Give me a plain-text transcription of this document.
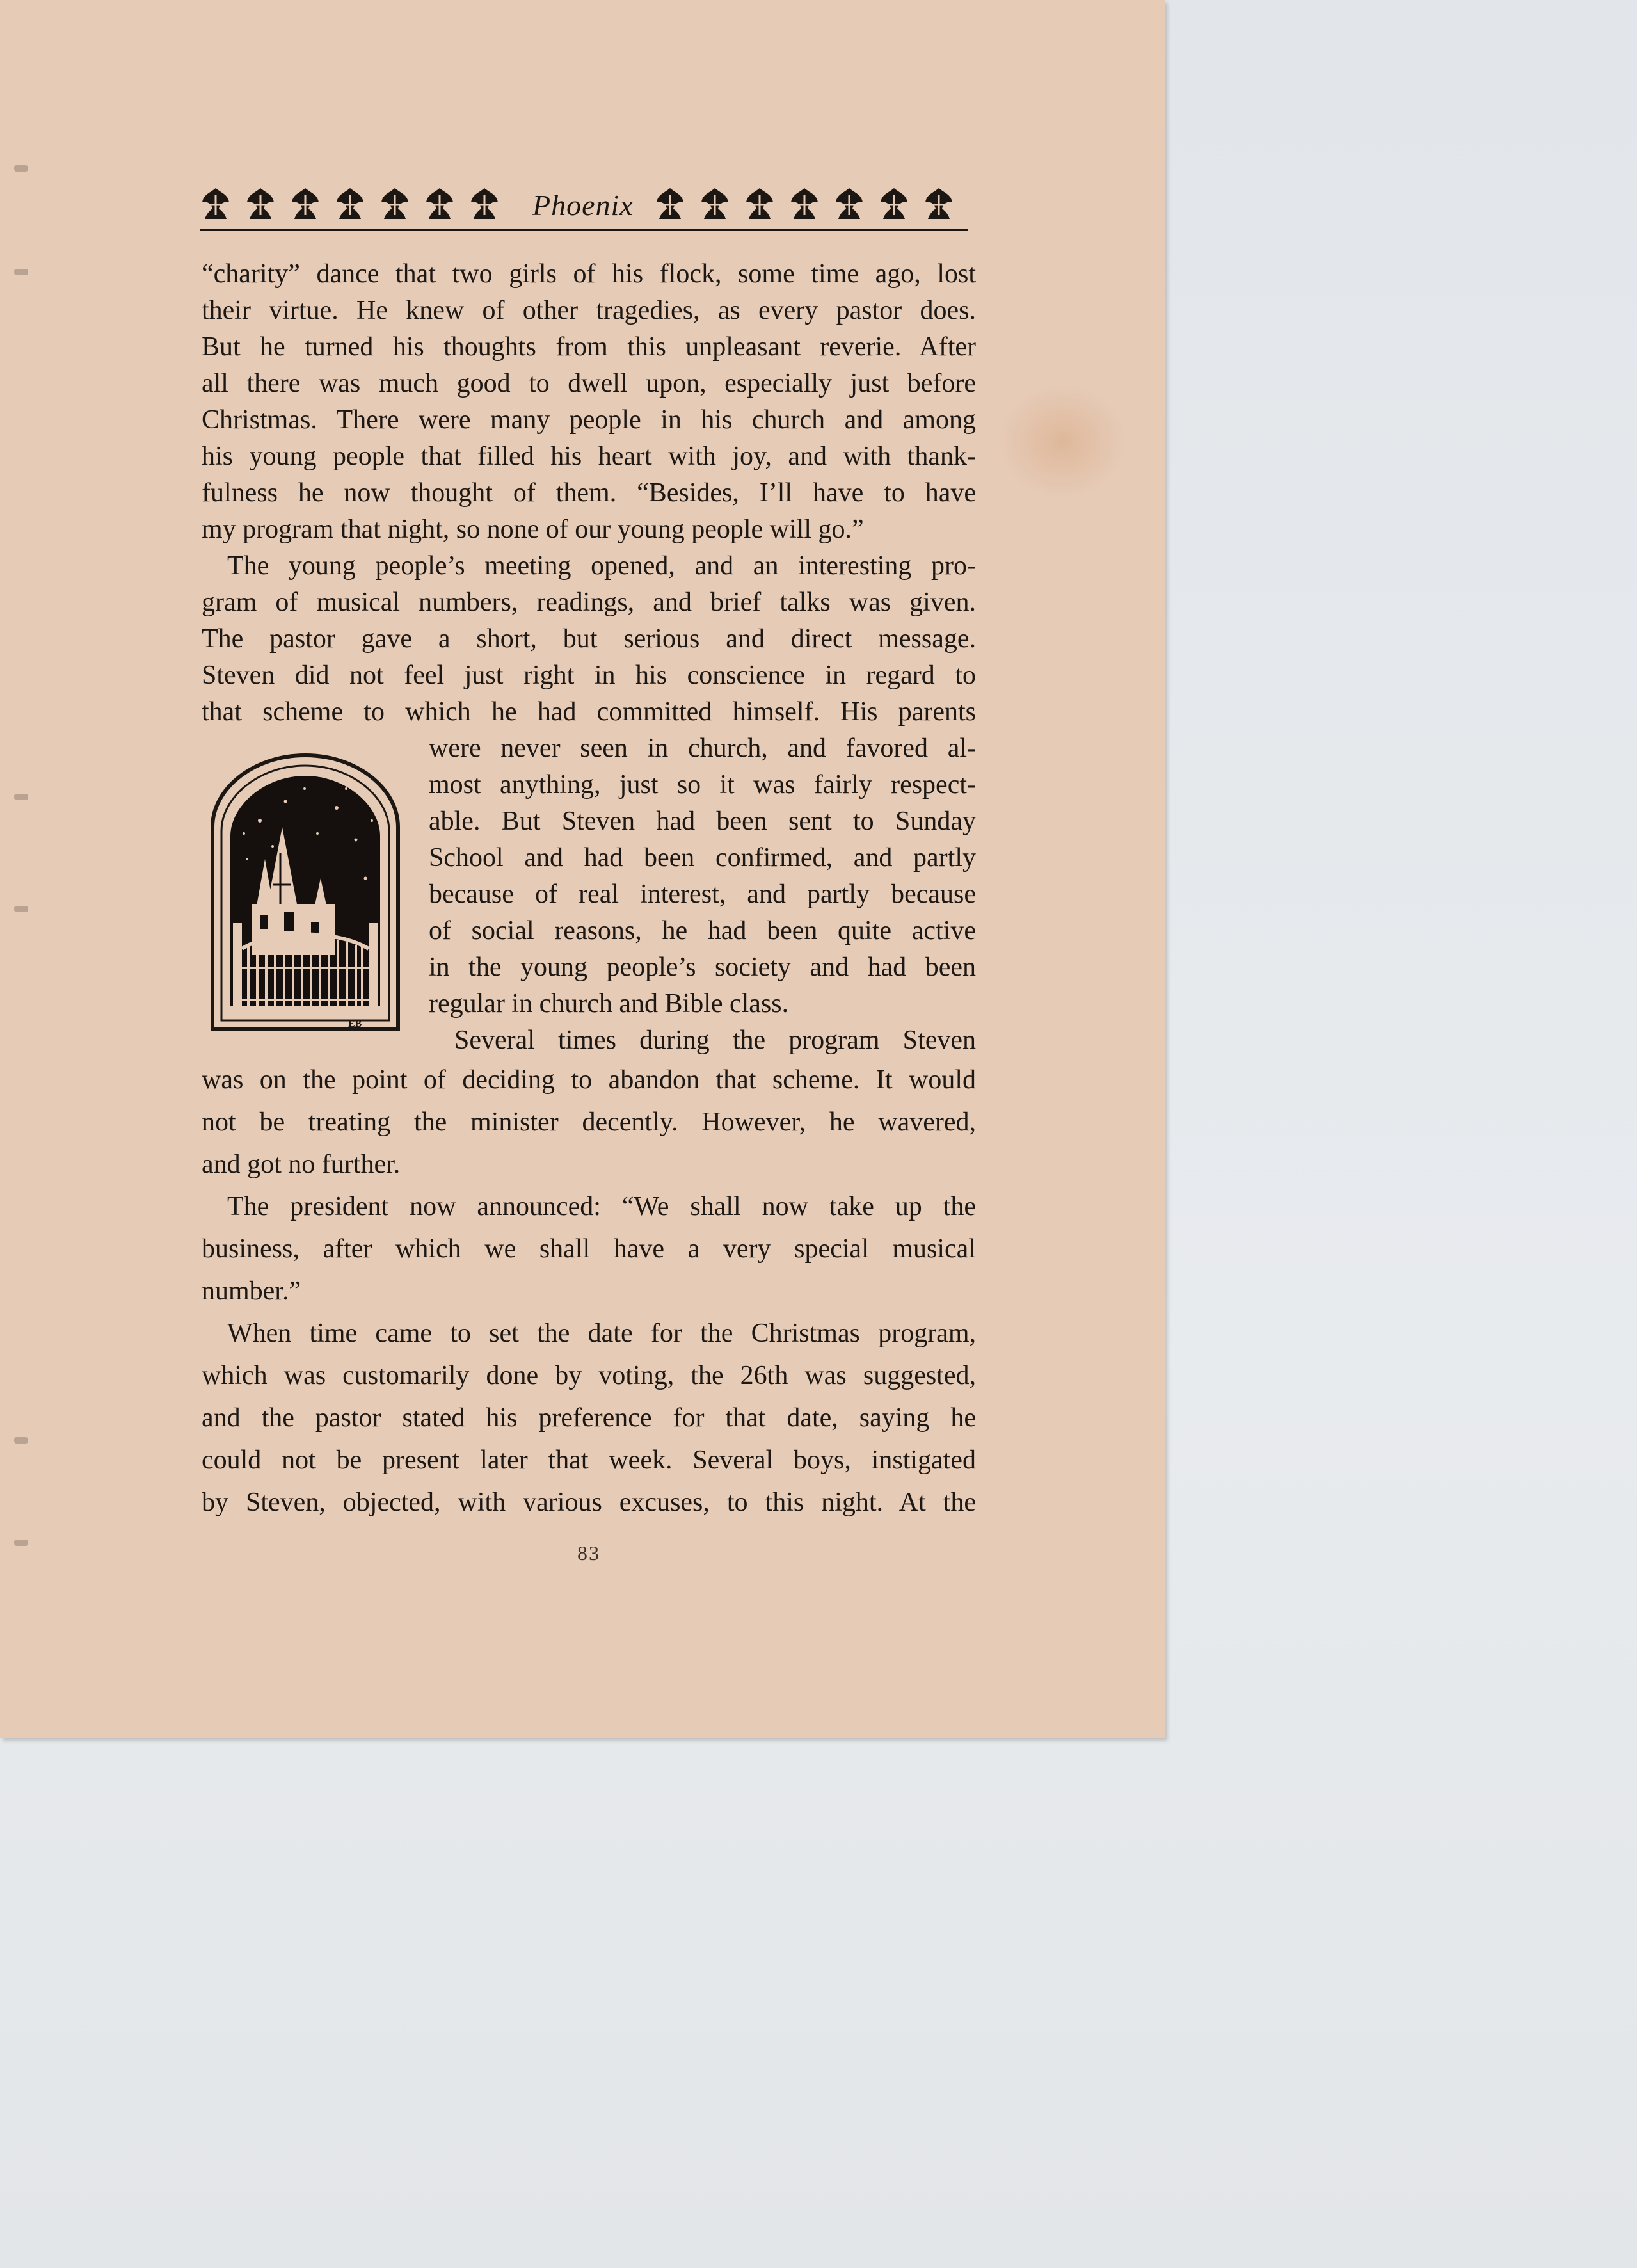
Phoenix
“charity” dance that two girls of his flock, some time ago, lost
their virtue. He knew of other tragedies, as every pastor does.
But he turned his thoughts from this unpleasant reverie. After
all there was much good to dwell upon, especially just before
Christmas. There were many people in his church and among
his young people that filled his heart with joy, and with thank-
fulness he now thought of them. “Besides, I’ll have to have
my program that night, so none of our young people will go.”
The young people’s meeting opened, and an interesting pro-
gram of musical numbers, readings, and brief talks was given.
The pastor gave a short, but serious and direct message.
Steven did not feel just right in his conscience in regard to
that scheme to which he had committed himself. His parents
were never seen in church, and favored al-
most anything, just so it was fairly respect-
able. But Steven had been sent to Sunday
School and had been confirmed, and partly
because of real interest, and partly because
of social reasons, he had been quite active
in the young people’s society and had been
regular in church and Bible class.
Several times during the program Steven
was on the point of deciding to abandon that scheme. It would
not be treating the minister decently. However, he wavered,
and got no further.
The president now announced: “We shall now take up the
business, after which we shall have a very special musical
number.”
When time came to set the date for the Christmas program,
which was customarily done by voting, the 26th was suggested,
and the pastor stated his preference for that date, saying he
could not be present later that week. Several boys, instigated
by Steven, objected, with various excuses, to this night. At the
EB
83
